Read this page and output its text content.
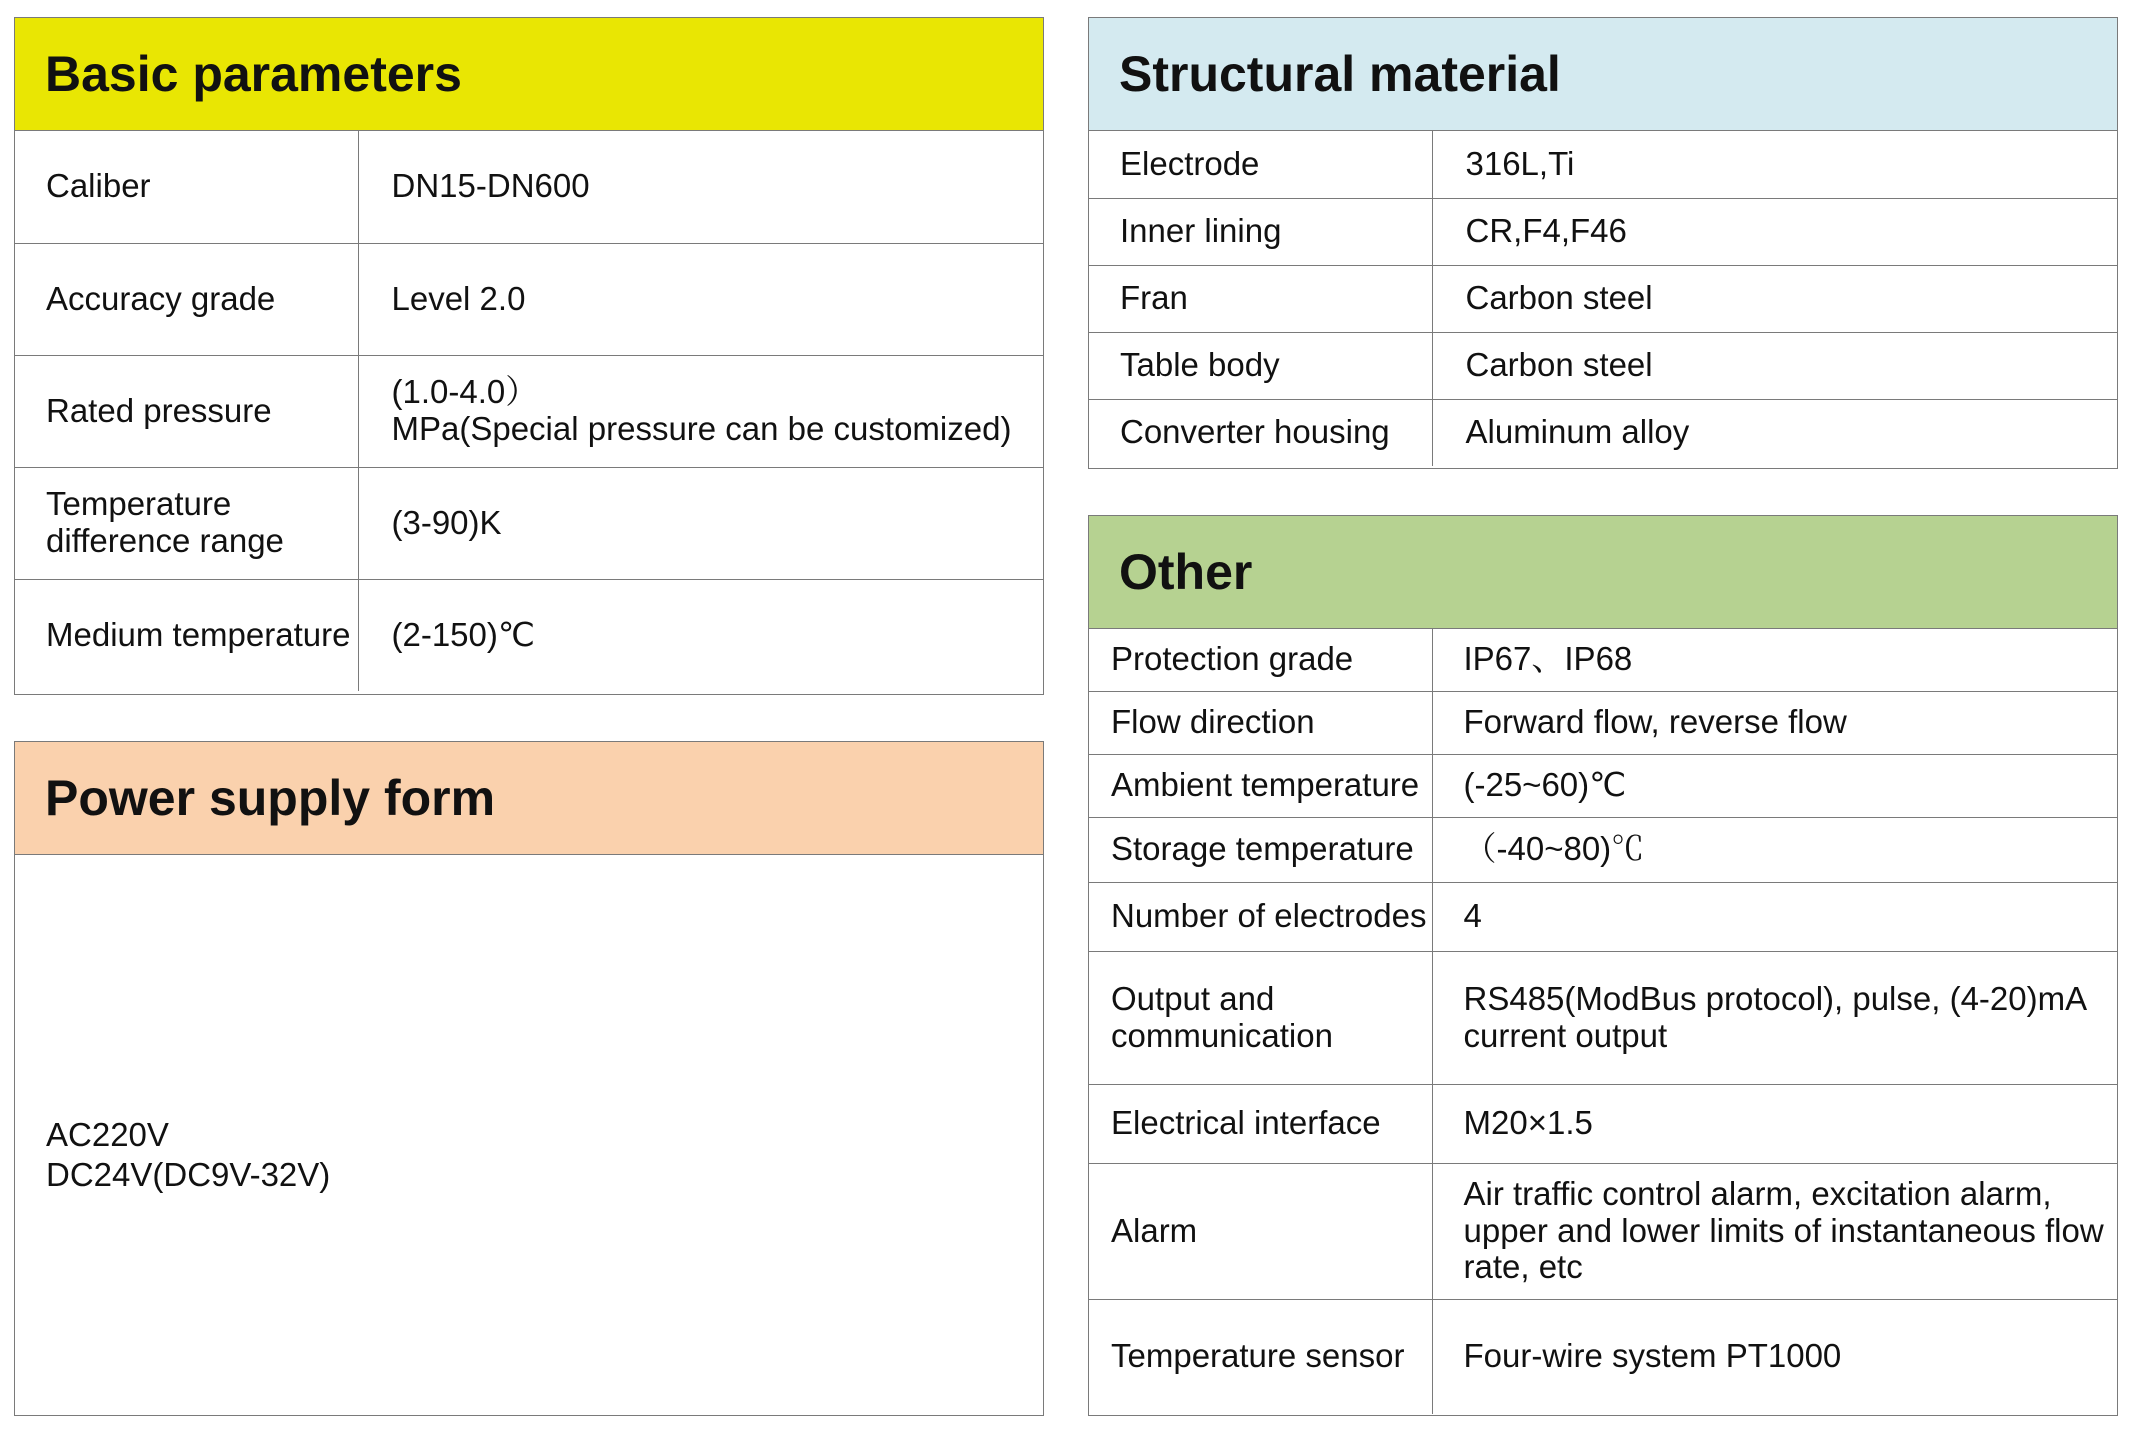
Basic parameters
Caliber	DN15-DN600

Accuracy grade	Level 2.0

Rated pressure	(1.0-4.0）
MPa(Special pressure can be customized)

Temperature
difference range	(3-90)K

Medium temperature	(2-150)℃
Power supply form
AC220V
DC24V(DC9V-32V)
Structural material
Electrode	316L,Ti

Inner lining	CR,F4,F46

Fran	Carbon steel

Table body	Carbon steel

Converter housing	Aluminum alloy
Other
Protection grade	IP67、IP68

Flow direction	Forward flow, reverse flow

Ambient temperature	(-25~60)℃

Storage temperature	（-40~80)℃

Number of electrodes	4

Output and
communication	RS485(ModBus protocol), pulse, (4-20)mA
current output

Electrical interface	M20×1.5

Alarm	Air traffic control alarm, excitation alarm,
upper and lower limits of instantaneous flow
rate, etc

Temperature sensor	Four-wire system PT1000
